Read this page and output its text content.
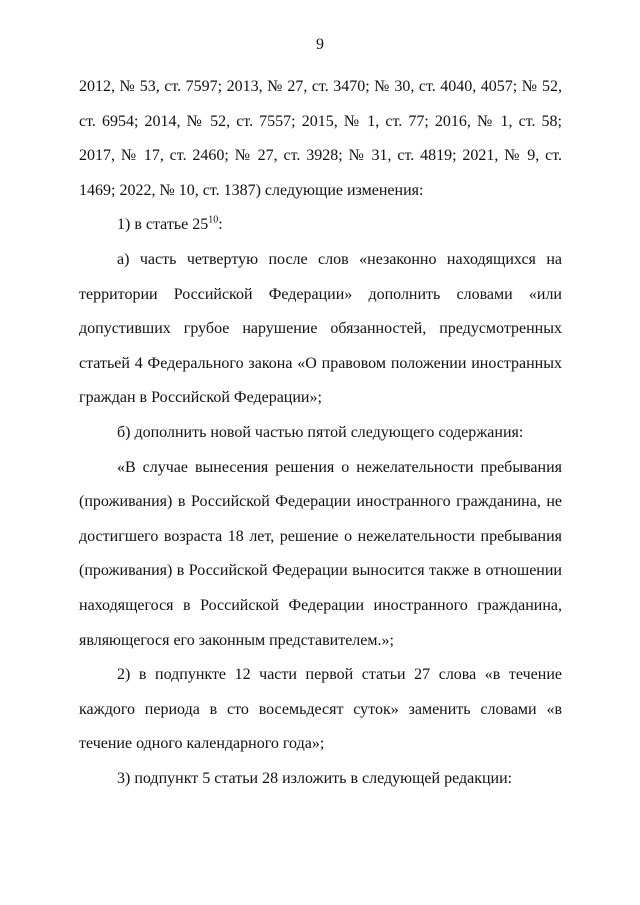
9

2012, № 53, ст. 7597; 2013, № 27, ст. 3470; № 30, ст. 4040, 4057; № 52, ст. 6954; 2014, № 52, ст. 7557; 2015, № 1, ст. 77; 2016, № 1, ст. 58; 2017, № 17, ст. 2460; № 27, ст. 3928; № 31, ст. 4819; 2021, № 9, ст. 1469; 2022, № 10, ст. 1387) следующие изменения:

1) в статье $25^{10}$:

а) часть четвертую после слов «незаконно находящихся на территории Российской Федерации» дополнить словами «или допустивших грубое нарушение обязанностей, предусмотренных статьей 4 Федерального закона «О правовом положении иностранных граждан в Российской Федерации»;

б) дополнить новой частью пятой следующего содержания:

«В случае вынесения решения о нежелательности пребывания (проживания) в Российской Федерации иностранного гражданина, не достигшего возраста 18 лет, решение о нежелательности пребывания (проживания) в Российской Федерации выносится также в отношении находящегося в Российской Федерации иностранного гражданина, являющегося его законным представителем.»;

2) в подпункте 12 части первой статьи 27 слова «в течение каждого периода в сто восемьдесят суток» заменить словами «в течение одного календарного года»;

3) подпункт 5 статьи 28 изложить в следующей редакции:
